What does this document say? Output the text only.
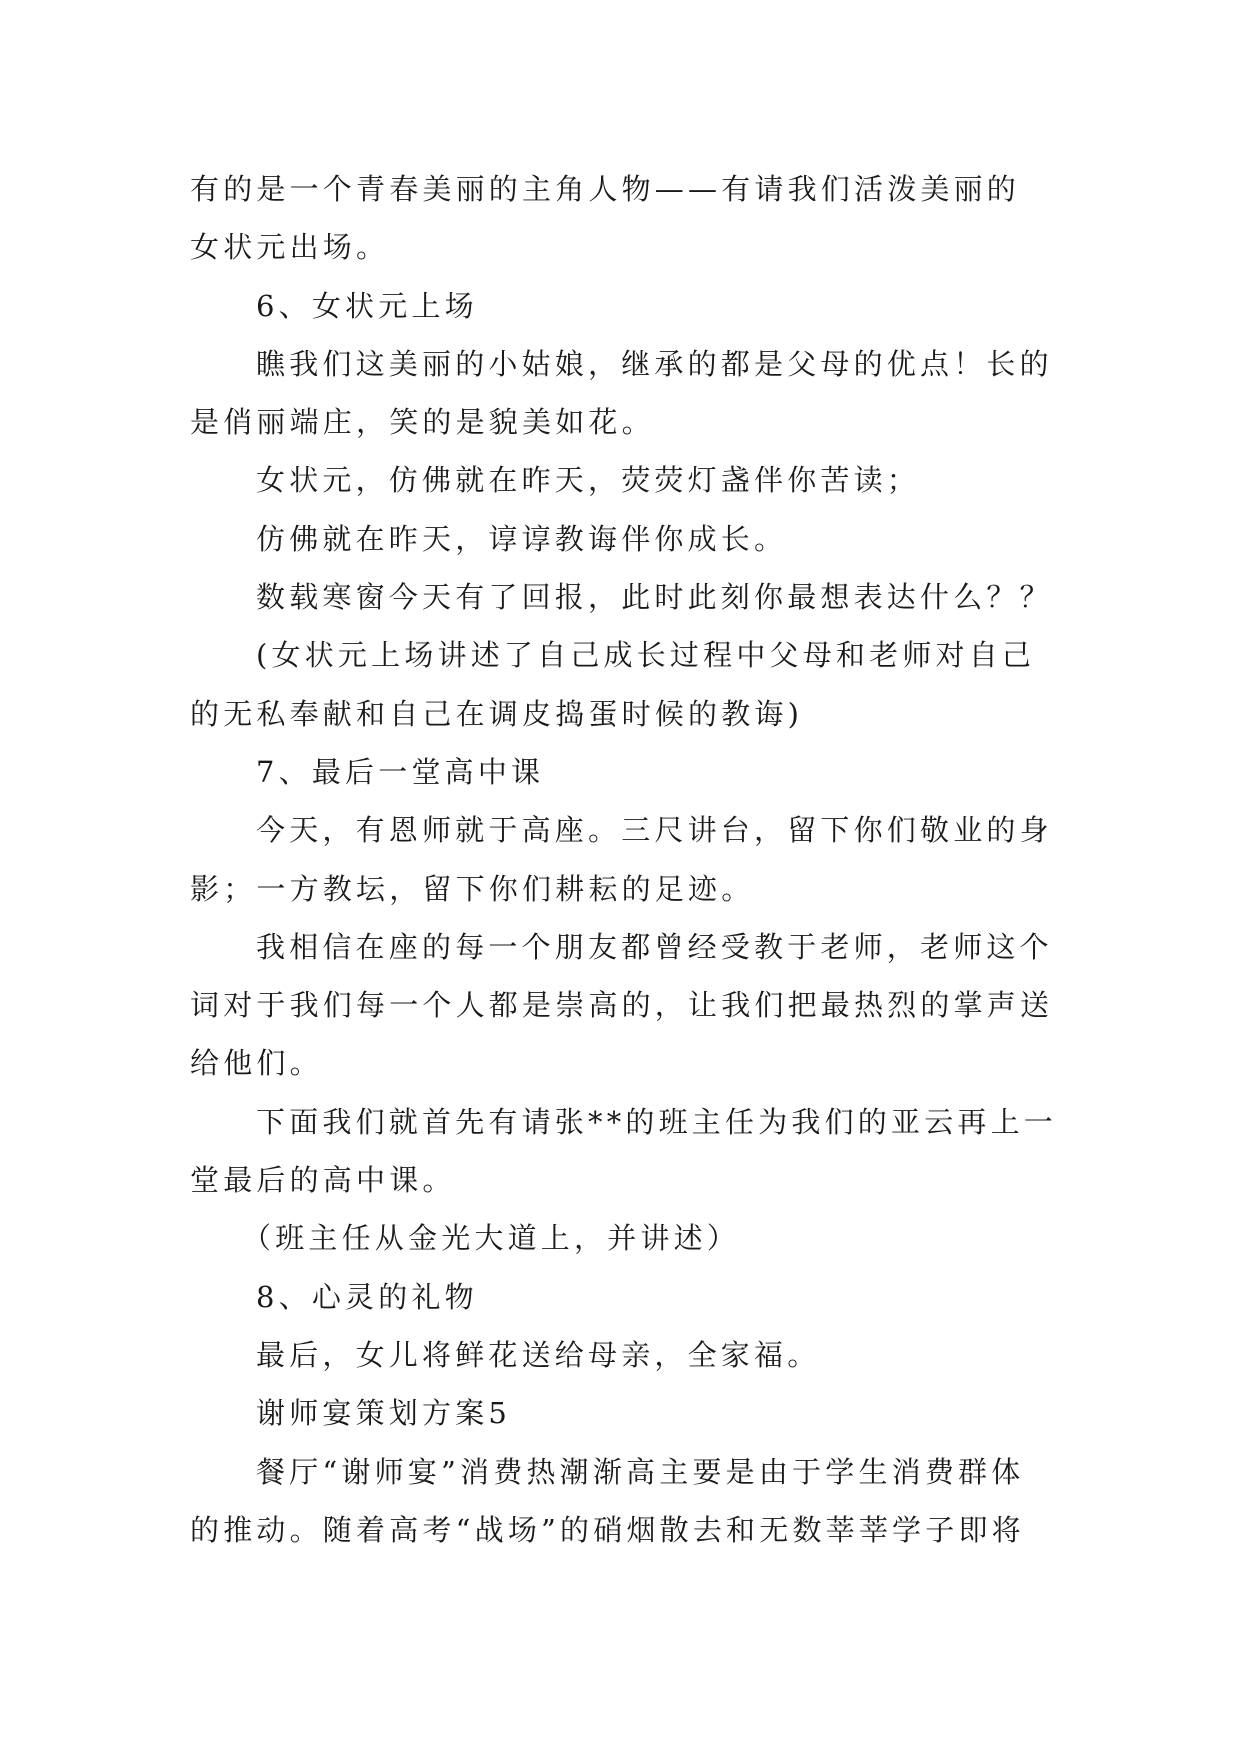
有的是一个青春美丽的主角人物——有请我们活泼美丽的
女状元出场。
6、女状元上场
瞧我们这美丽的小姑娘，继承的都是父母的优点！长的
是俏丽端庄，笑的是貌美如花。
女状元，仿佛就在昨天，荧荧灯盏伴你苦读；
仿佛就在昨天，谆谆教诲伴你成长。
数载寒窗今天有了回报，此时此刻你最想表达什么？？
(女状元上场讲述了自己成长过程中父母和老师对自己
的无私奉献和自己在调皮捣蛋时候的教诲)
7、最后一堂高中课
今天，有恩师就于高座。三尺讲台，留下你们敬业的身
影；一方教坛，留下你们耕耘的足迹。
我相信在座的每一个朋友都曾经受教于老师，老师这个
词对于我们每一个人都是崇高的，让我们把最热烈的掌声送
给他们。
下面我们就首先有请张**的班主任为我们的亚云再上一
堂最后的高中课。
（班主任从金光大道上，并讲述）
8、心灵的礼物
最后，女儿将鲜花送给母亲，全家福。
谢师宴策划方案5
餐厅“谢师宴”消费热潮渐高主要是由于学生消费群体
的推动。随着高考“战场”的硝烟散去和无数莘莘学子即将
